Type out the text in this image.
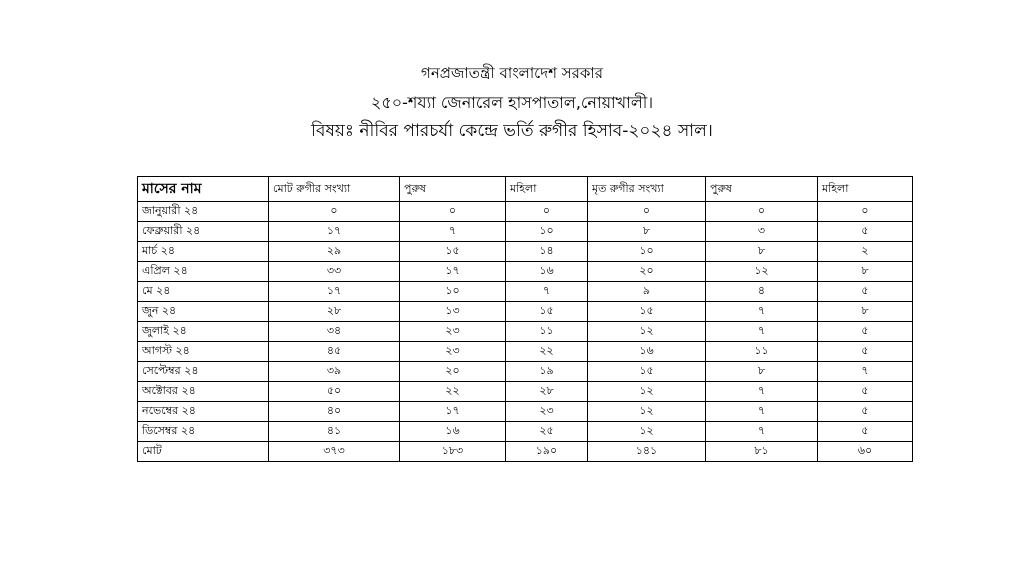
গনপ্রজাতন্ত্রী বাংলাদেশ সরকার
২৫০-শয্যা জেনারেল হাসপাতাল,নোয়াখালী।
বিষয়ঃ নীবির পারচর্যা কেন্দ্রে ভর্তি রুগীর হিসাব-২০২৪ সাল।
মাসের নাম	মোট রুগীর সংখ্যা	পুরুষ	মহিলা	মৃত রুগীর সংখ্যা	পুরুষ	মহিলা
জানুয়ারী ২৪	০	০	০	০	০	০
ফেব্রুয়ারী ২৪	১৭	৭	১০	৮	৩	৫
মার্চ ২৪	২৯	১৫	১৪	১০	৮	২
এপ্রিল ২৪	৩৩	১৭	১৬	২০	১২	৮
মে ২৪	১৭	১০	৭	৯	৪	৫
জুন ২৪	২৮	১৩	১৫	১৫	৭	৮
জুলাই ২৪	৩৪	২৩	১১	১২	৭	৫
আগস্ট ২৪	৪৫	২৩	২২	১৬	১১	৫
সেপ্টেম্বর ২৪	৩৯	২০	১৯	১৫	৮	৭
অক্টোবর ২৪	৫০	২২	২৮	১২	৭	৫
নভেম্বের ২৪	৪০	১৭	২৩	১২	৭	৫
ডিসেম্বর ২৪	৪১	১৬	২৫	১২	৭	৫
মোট	৩৭৩	১৮৩	১৯০	১৪১	৮১	৬০
